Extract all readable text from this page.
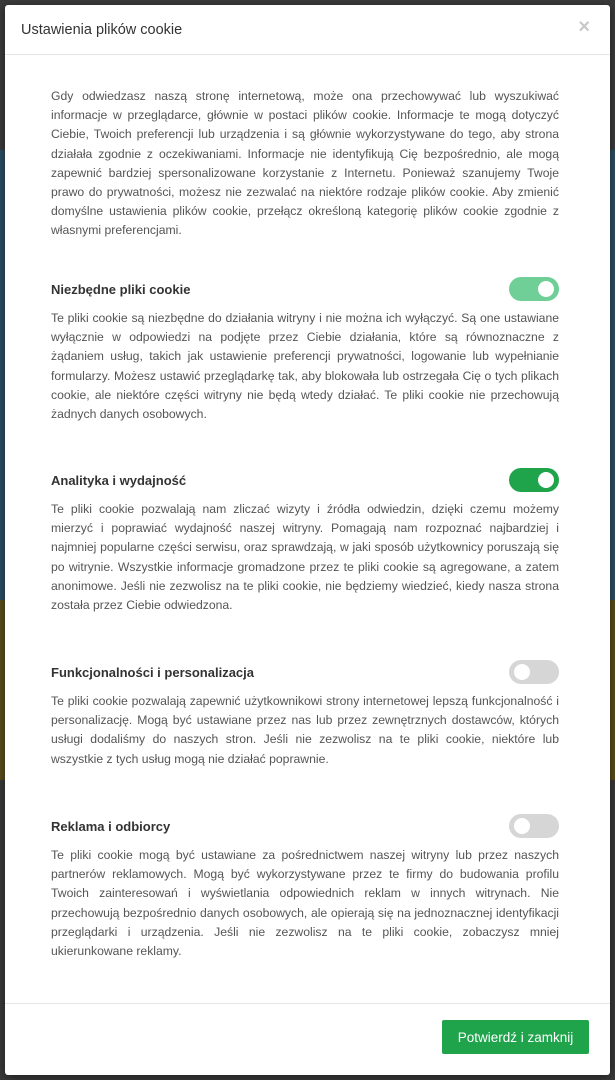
Ustawienia plików cookie	×

Gdy odwiedzasz naszą stronę internetową, może ona przechowywać lub wyszukiwać informacje w przeglądarce, głównie w postaci plików cookie. Informacje te mogą dotyczyć Ciebie, Twoich preferencji lub urządzenia i są głównie wykorzystywane do tego, aby strona działała zgodnie z oczekiwaniami. Informacje nie identyfikują Cię bezpośrednio, ale mogą zapewnić bardziej spersonalizowane korzystanie z Internetu. Ponieważ szanujemy Twoje prawo do prywatności, możesz nie zezwalać na niektóre rodzaje plików cookie. Aby zmienić domyślne ustawienia plików cookie, przełącz określoną kategorię plików cookie zgodnie z własnymi preferencjami.

Niezbędne pliki cookie

Te pliki cookie są niezbędne do działania witryny i nie można ich wyłączyć. Są one ustawiane wyłącznie w odpowiedzi na podjęte przez Ciebie działania, które są równoznaczne z żądaniem usług, takich jak ustawienie preferencji prywatności, logowanie lub wypełnianie formularzy. Możesz ustawić przeglądarkę tak, aby blokowała lub ostrzegała Cię o tych plikach cookie, ale niektóre części witryny nie będą wtedy działać. Te pliki cookie nie przechowują żadnych danych osobowych.

Analityka i wydajność

Te pliki cookie pozwalają nam zliczać wizyty i źródła odwiedzin, dzięki czemu możemy mierzyć i poprawiać wydajność naszej witryny. Pomagają nam rozpoznać najbardziej i najmniej popularne części serwisu, oraz sprawdzają, w jaki sposób użytkownicy poruszają się po witrynie. Wszystkie informacje gromadzone przez te pliki cookie są agregowane, a zatem anonimowe. Jeśli nie zezwolisz na te pliki cookie, nie będziemy wiedzieć, kiedy nasza strona została przez Ciebie odwiedzona.

Funkcjonalności i personalizacja

Te pliki cookie pozwalają zapewnić użytkownikowi strony internetowej lepszą funkcjonalność i personalizację. Mogą być ustawiane przez nas lub przez zewnętrznych dostawców, których usługi dodaliśmy do naszych stron. Jeśli nie zezwolisz na te pliki cookie, niektóre lub wszystkie z tych usług mogą nie działać poprawnie.

Reklama i odbiorcy

Te pliki cookie mogą być ustawiane za pośrednictwem naszej witryny lub przez naszych partnerów reklamowych. Mogą być wykorzystywane przez te firmy do budowania profilu Twoich zainteresowań i wyświetlania odpowiednich reklam w innych witrynach. Nie przechowują bezpośrednio danych osobowych, ale opierają się na jednoznacznej identyfikacji przeglądarki i urządzenia. Jeśli nie zezwolisz na te pliki cookie, zobaczysz mniej ukierunkowane reklamy.

Potwierdź i zamknij
